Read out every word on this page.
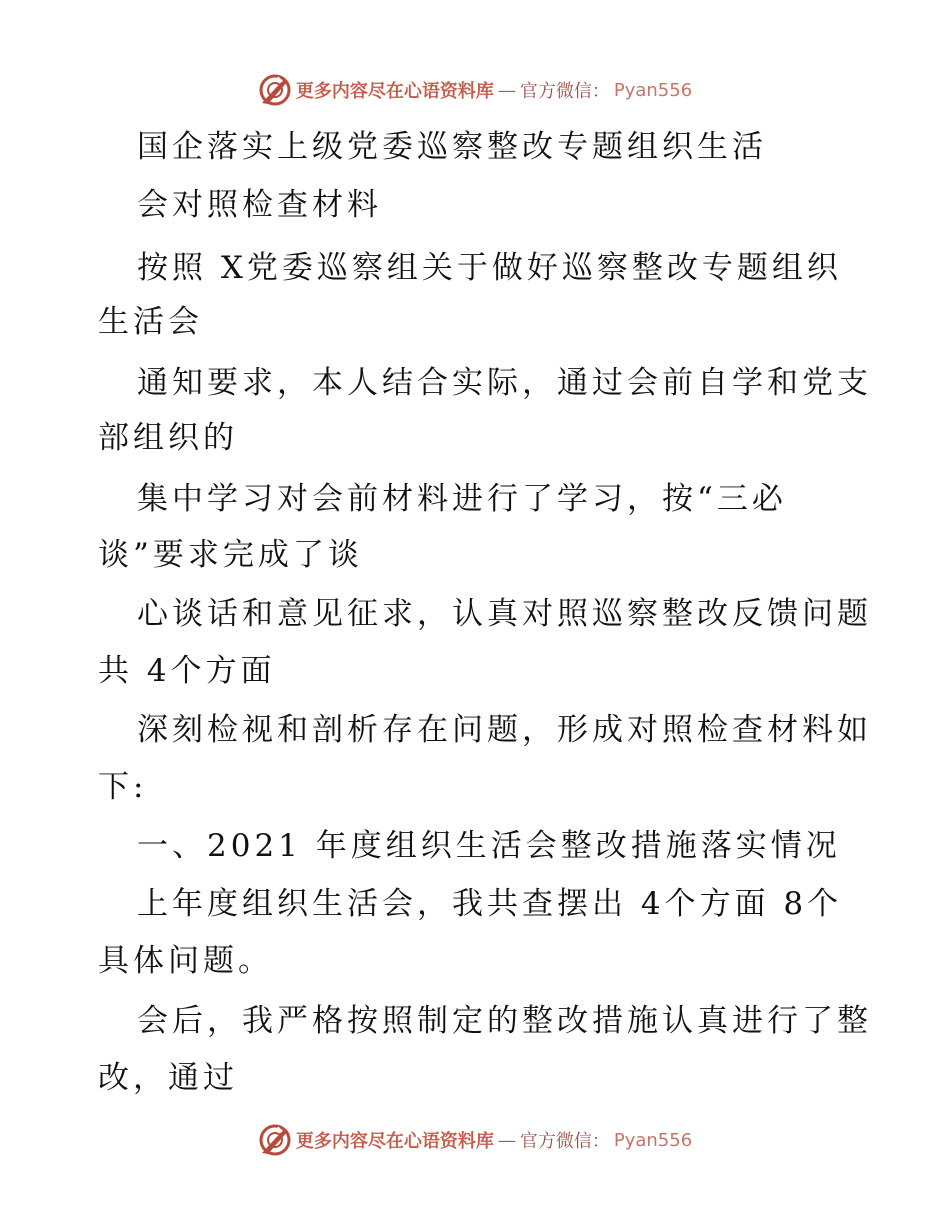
更多内容尽在心语资料库 — 官方微信： Pyan556
国企落实上级党委巡察整改专题组织生活
会对照检查材料
按照 X党委巡察组关于做好巡察整改专题组织
生活会
通知要求，本人结合实际，通过会前自学和党支
部组织的
集中学习对会前材料进行了学习，按“三必
谈”要求完成了谈
心谈话和意见征求，认真对照巡察整改反馈问题
共 4个方面
深刻检视和剖析存在问题，形成对照检查材料如
下:
一、2021 年度组织生活会整改措施落实情况
上年度组织生活会，我共查摆出 4个方面 8个
具体问题。
会后，我严格按照制定的整改措施认真进行了整
改，通过
更多内容尽在心语资料库 — 官方微信： Pyan556
